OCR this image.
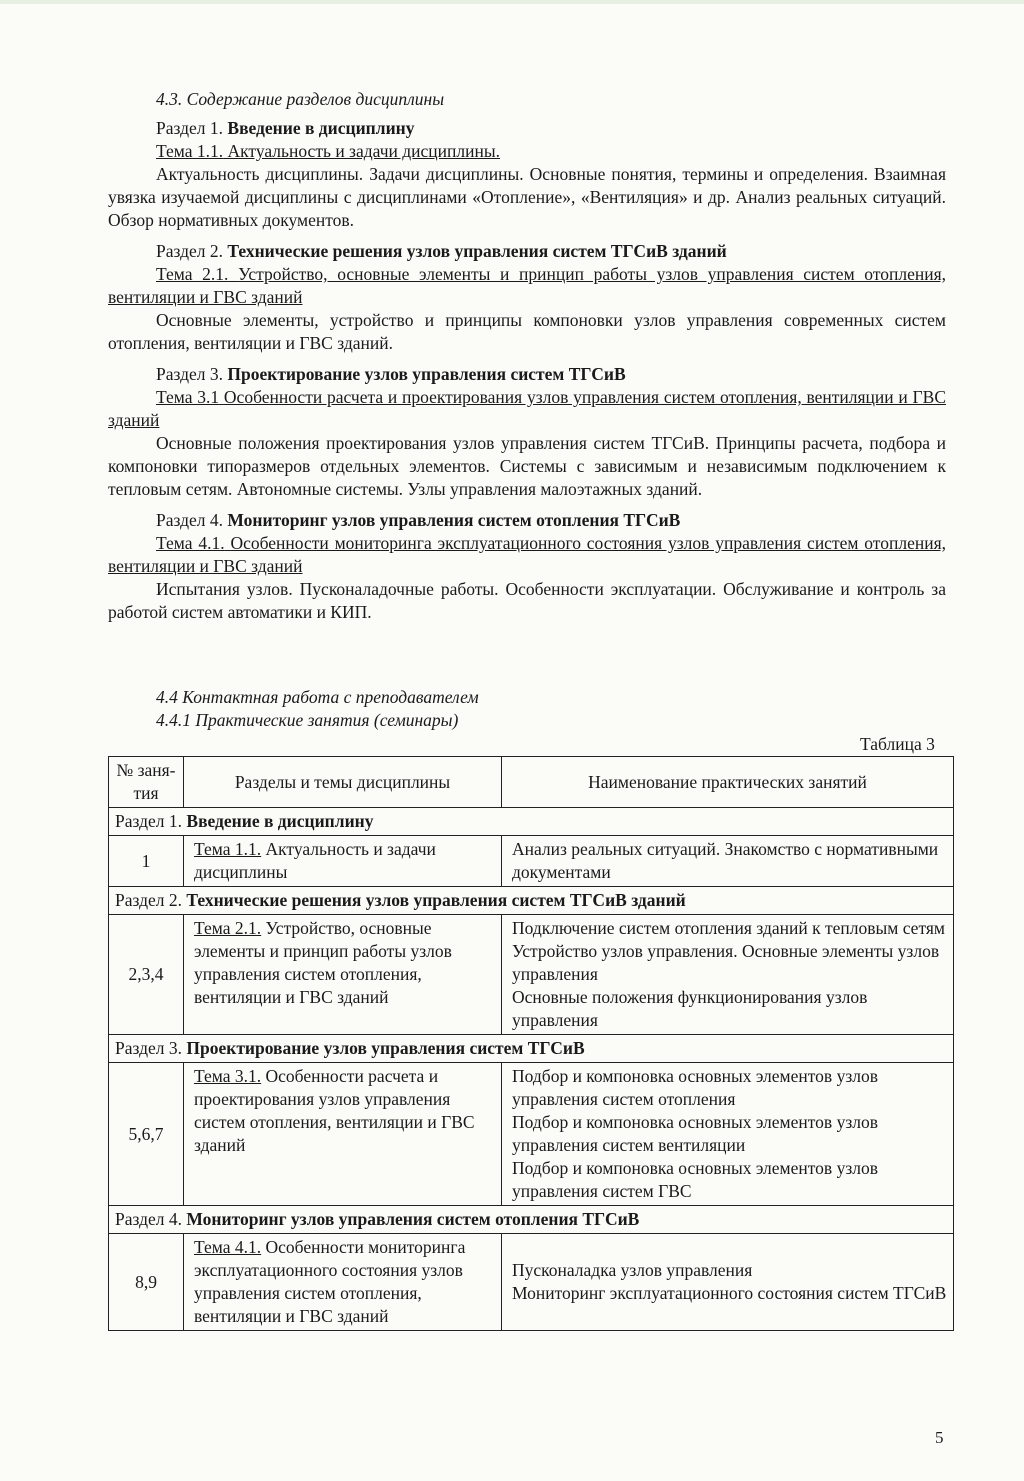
4.3. Содержание разделов дисциплины

Раздел 1. Введение в дисциплину

Тема 1.1. Актуальность и задачи дисциплины.

Актуальность дисциплины. Задачи дисциплины. Основные понятия, термины и определения. Взаимная увязка изучаемой дисциплины с дисциплинами «Отопление», «Вентиляция» и др. Анализ реальных ситуаций. Обзор нормативных документов.

Раздел 2. Технические решения узлов управления систем ТГСиВ зданий

Тема 2.1. Устройство, основные элементы и принцип работы узлов управления систем отопления, вентиляции и ГВС зданий

Основные элементы, устройство и принципы компоновки узлов управления современных систем отопления, вентиляции и ГВС зданий.

Раздел 3. Проектирование узлов управления систем ТГСиВ

Тема 3.1 Особенности расчета и проектирования узлов управления систем отопления, вентиляции и ГВС зданий

Основные положения проектирования узлов управления систем ТГСиВ. Принципы расчета, подбора и компоновки типоразмеров отдельных элементов. Системы с зависимым и независимым подключением к тепловым сетям. Автономные системы. Узлы управления малоэтажных зданий.

Раздел 4. Мониторинг узлов управления систем отопления ТГСиВ

Тема 4.1. Особенности мониторинга эксплуатационного состояния узлов управления систем отопления, вентиляции и ГВС зданий

Испытания узлов. Пусконаладочные работы. Особенности эксплуатации. Обслуживание и контроль за работой систем автоматики и КИП.

4.4 Контактная работа с преподавателем

4.4.1 Практические занятия (семинары)

Таблица 3
№ заня-тия	Разделы и темы дисциплины	Наименование практических занятий
Раздел 1. Введение в дисциплину		
1	Тема 1.1. Актуальность и задачи дисциплины	Анализ реальных ситуаций. Знакомство с нормативными документами

Раздел 2. Технические решения узлов управления систем ТГСиВ зданий		
2,3,4	Тема 2.1. Устройство, основные элементы и принцип работы узлов управления систем отопления, вентиляции и ГВС зданий	Подключение систем отопления зданий к тепловым сетям
Устройство узлов управления. Основные элементы узлов управления
Основные положения функционирования узлов управления

Раздел 3. Проектирование узлов управления систем ТГСиВ		
5,6,7	Тема 3.1. Особенности расчета и проектирования узлов управления систем отопления, вентиляции и ГВС зданий	Подбор и компоновка основных элементов узлов управления систем отопления
Подбор и компоновка основных элементов узлов управления систем вентиляции
Подбор и компоновка основных элементов узлов управления систем ГВС

Раздел 4. Мониторинг узлов управления систем отопления ТГСиВ		
8,9	Тема 4.1. Особенности мониторинга эксплуатационного состояния узлов управления систем отопления, вентиляции и ГВС зданий	Пусконаладка узлов управления
Мониторинг эксплуатационного состояния систем ТГСиВ
5
